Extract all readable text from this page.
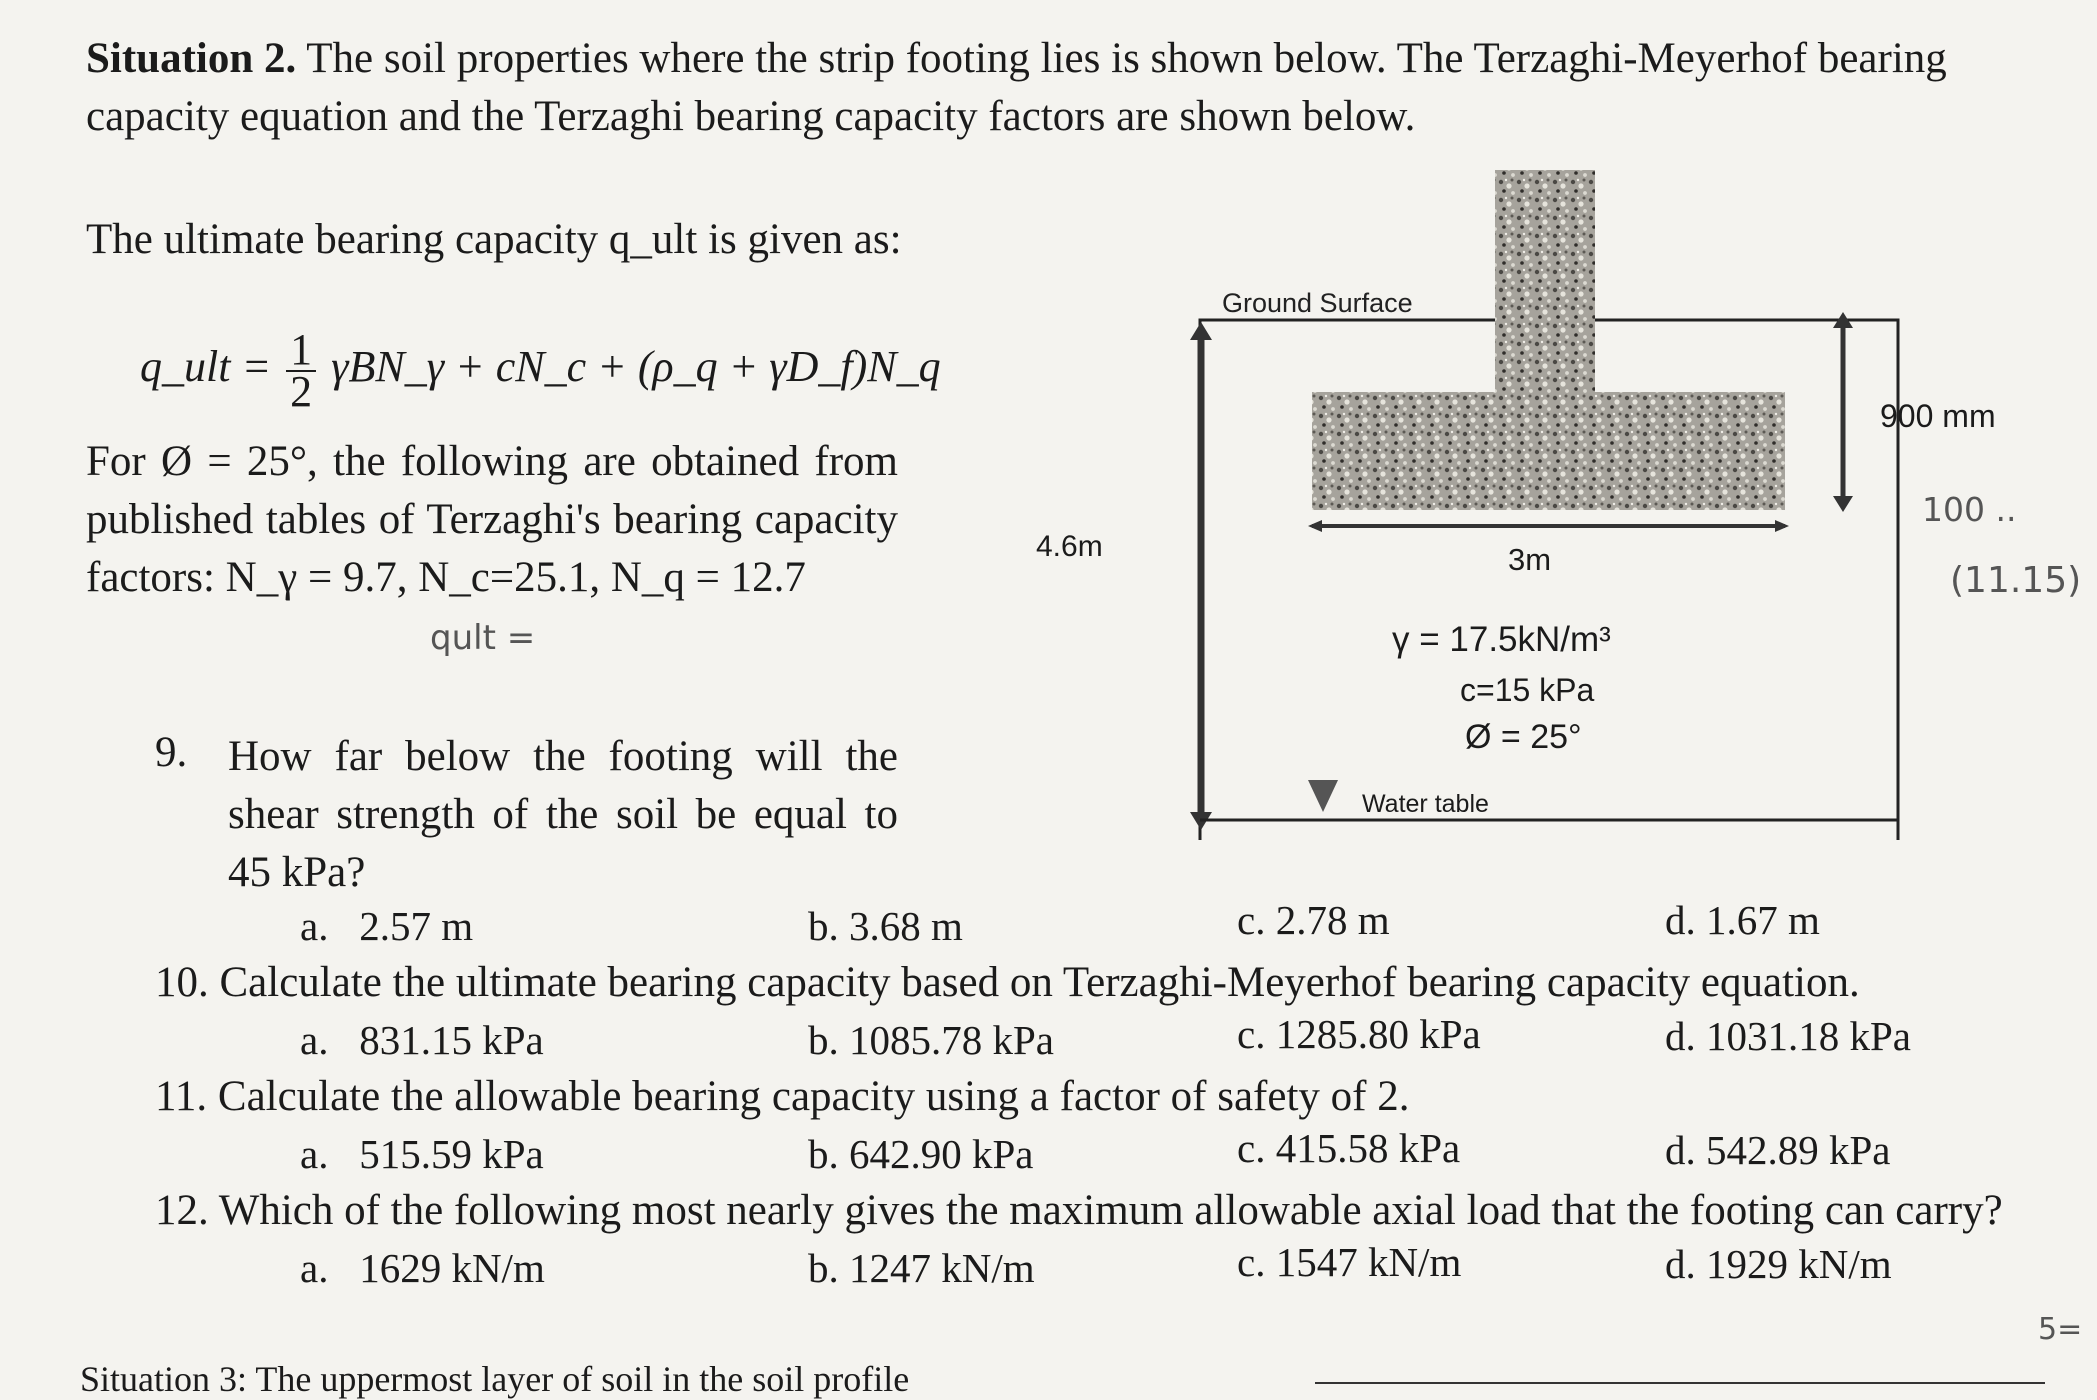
Situation 2. The soil properties where the strip footing lies is shown below. The Terzaghi-Meyerhof bearing capacity equation and the Terzaghi bearing capacity factors are shown below.
The ultimate bearing capacity q_ult is given as:
q_ult = $\frac{1}{2}$ γBN_γ + cN_c + (ρ_q + γD_f)N_q
For Ø = 25°, the following are obtained from published tables of Terzaghi's bearing capacity factors: N_γ = 9.7, N_c=25.1, N_q = 12.7
qult =
9. How far below the footing will the shear strength of the soil be equal to 45 kPa?
Ground Surface
900 mm
4.6m	3m
γ = 17.5kN/m³
c=15 kPa
Ø = 25°
Water table
100 ..
(11.15)
5=
a. 2.57 m	b. 3.68 m	c. 2.78 m	d. 1.67 m
10. Calculate the ultimate bearing capacity based on Terzaghi-Meyerhof bearing capacity equation.
a. 831.15 kPa	b. 1085.78 kPa	c. 1285.80 kPa	d. 1031.18 kPa
11. Calculate the allowable bearing capacity using a factor of safety of 2.
a. 515.59 kPa	b. 642.90 kPa	c. 415.58 kPa	d. 542.89 kPa
12. Which of the following most nearly gives the maximum allowable axial load that the footing can carry?
a. 1629 kN/m	b. 1247 kN/m	c. 1547 kN/m	d. 1929 kN/m
Situation 3: The uppermost layer of soil in the soil profile
